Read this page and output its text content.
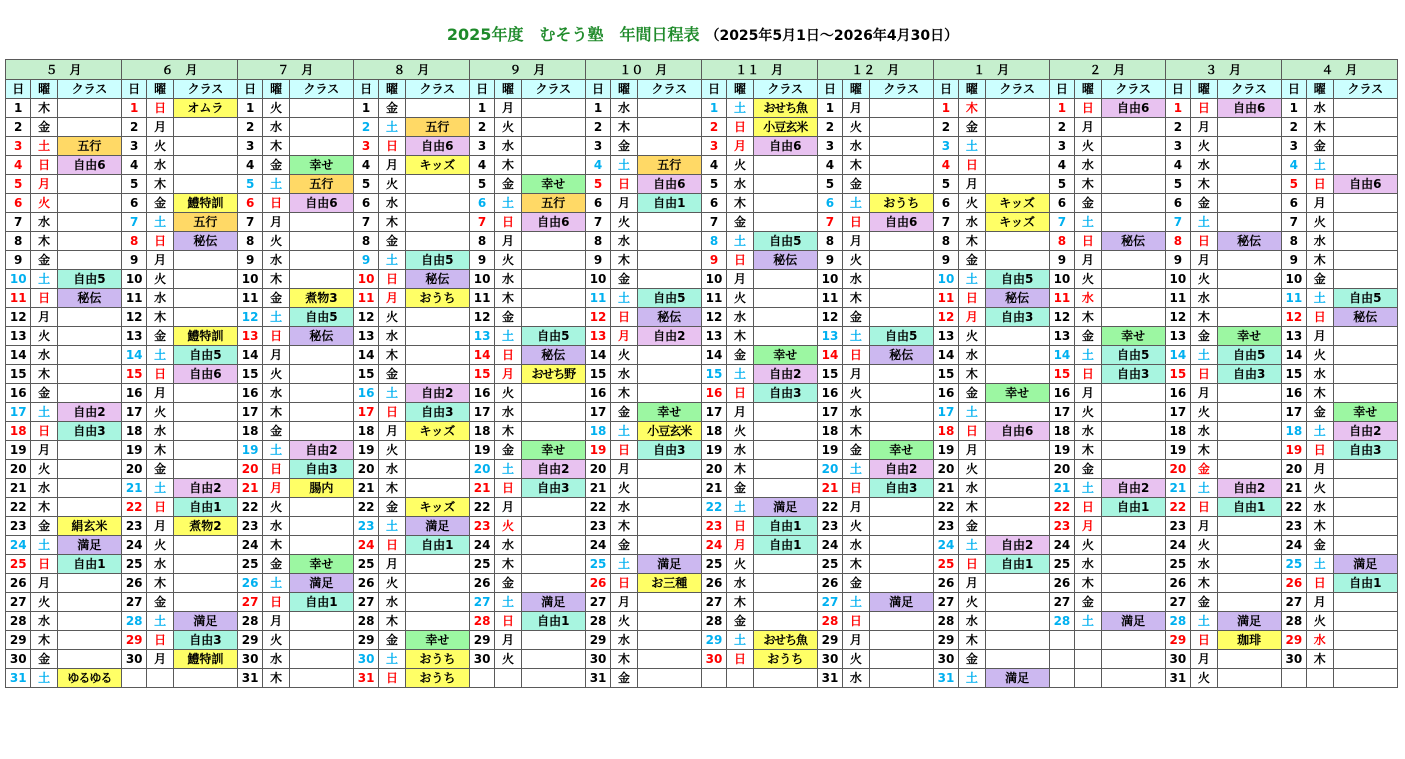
2025年度　むそう塾　年間日程表 （2025年5月1日～2026年4月30日）
５　月			６　月			７　月			８　月			９　月			１０　月			１１　月			１２　月			１　月			２　月			３　月			４　月		
日	曜	クラス	日	曜	クラス	日	曜	クラス	日	曜	クラス	日	曜	クラス	日	曜	クラス	日	曜	クラス	日	曜	クラス	日	曜	クラス	日	曜	クラス	日	曜	クラス	日	曜	クラス
1	木		1	日	オムラ	1	火		1	金		1	月		1	水		1	土	おせち魚	1	月		1	木		1	日	自由6	1	日	自由6	1	水	
2	金		2	月		2	水		2	土	五行	2	火		2	木		2	日	小豆玄米	2	火		2	金		2	月		2	月		2	木	
3	土	五行	3	火		3	木		3	日	自由6	3	水		3	金		3	月	自由6	3	水		3	土		3	火		3	火		3	金	
4	日	自由6	4	水		4	金	幸せ	4	月	キッズ	4	木		4	土	五行	4	火		4	木		4	日		4	水		4	水		4	土	
5	月		5	木		5	土	五行	5	火		5	金	幸せ	5	日	自由6	5	水		5	金		5	月		5	木		5	木		5	日	自由6
6	火		6	金	鱧特訓	6	日	自由6	6	水		6	土	五行	6	月	自由1	6	木		6	土	おうち	6	火	キッズ	6	金		6	金		6	月	
7	水		7	土	五行	7	月		7	木		7	日	自由6	7	火		7	金		7	日	自由6	7	水	キッズ	7	土		7	土		7	火	
8	木		8	日	秘伝	8	火		8	金		8	月		8	水		8	土	自由5	8	月		8	木		8	日	秘伝	8	日	秘伝	8	水	
9	金		9	月		9	水		9	土	自由5	9	火		9	木		9	日	秘伝	9	火		9	金		9	月		9	月		9	木	
10	土	自由5	10	火		10	木		10	日	秘伝	10	水		10	金		10	月		10	水		10	土	自由5	10	火		10	火		10	金	
11	日	秘伝	11	水		11	金	煮物3	11	月	おうち	11	木		11	土	自由5	11	火		11	木		11	日	秘伝	11	水		11	水		11	土	自由5
12	月		12	木		12	土	自由5	12	火		12	金		12	日	秘伝	12	水		12	金		12	月	自由3	12	木		12	木		12	日	秘伝
13	火		13	金	鱧特訓	13	日	秘伝	13	水		13	土	自由5	13	月	自由2	13	木		13	土	自由5	13	火		13	金	幸せ	13	金	幸せ	13	月	
14	水		14	土	自由5	14	月		14	木		14	日	秘伝	14	火		14	金	幸せ	14	日	秘伝	14	水		14	土	自由5	14	土	自由5	14	火	
15	木		15	日	自由6	15	火		15	金		15	月	おせち野	15	水		15	土	自由2	15	月		15	木		15	日	自由3	15	日	自由3	15	水	
16	金		16	月		16	水		16	土	自由2	16	火		16	木		16	日	自由3	16	火		16	金	幸せ	16	月		16	月		16	木	
17	土	自由2	17	火		17	木		17	日	自由3	17	水		17	金	幸せ	17	月		17	水		17	土		17	火		17	火		17	金	幸せ
18	日	自由3	18	水		18	金		18	月	キッズ	18	木		18	土	小豆玄米	18	火		18	木		18	日	自由6	18	水		18	水		18	土	自由2
19	月		19	木		19	土	自由2	19	火		19	金	幸せ	19	日	自由3	19	水		19	金	幸せ	19	月		19	木		19	木		19	日	自由3
20	火		20	金		20	日	自由3	20	水		20	土	自由2	20	月		20	木		20	土	自由2	20	火		20	金		20	金		20	月	
21	水		21	土	自由2	21	月	腸内	21	木		21	日	自由3	21	火		21	金		21	日	自由3	21	水		21	土	自由2	21	土	自由2	21	火	
22	木		22	日	自由1	22	火		22	金	キッズ	22	月		22	水		22	土	満足	22	月		22	木		22	日	自由1	22	日	自由1	22	水	
23	金	絹玄米	23	月	煮物2	23	水		23	土	満足	23	火		23	木		23	日	自由1	23	火		23	金		23	月		23	月		23	木	
24	土	満足	24	火		24	木		24	日	自由1	24	水		24	金		24	月	自由1	24	水		24	土	自由2	24	火		24	火		24	金	
25	日	自由1	25	水		25	金	幸せ	25	月		25	木		25	土	満足	25	火		25	木		25	日	自由1	25	水		25	水		25	土	満足
26	月		26	木		26	土	満足	26	火		26	金		26	日	お三種	26	水		26	金		26	月		26	木		26	木		26	日	自由1
27	火		27	金		27	日	自由1	27	水		27	土	満足	27	月		27	木		27	土	満足	27	火		27	金		27	金		27	月	
28	水		28	土	満足	28	月		28	木		28	日	自由1	28	火		28	金		28	日		28	水		28	土	満足	28	土	満足	28	火	
29	木		29	日	自由3	29	火		29	金	幸せ	29	月		29	水		29	土	おせち魚	29	月		29	木					29	日	珈琲	29	水	
30	金		30	月	鱧特訓	30	水		30	土	おうち	30	火		30	木		30	日	おうち	30	火		30	金					30	月		30	木	
31	土	ゆるゆる				31	木		31	日	おうち				31	金					31	水		31	土	満足				31	火				
